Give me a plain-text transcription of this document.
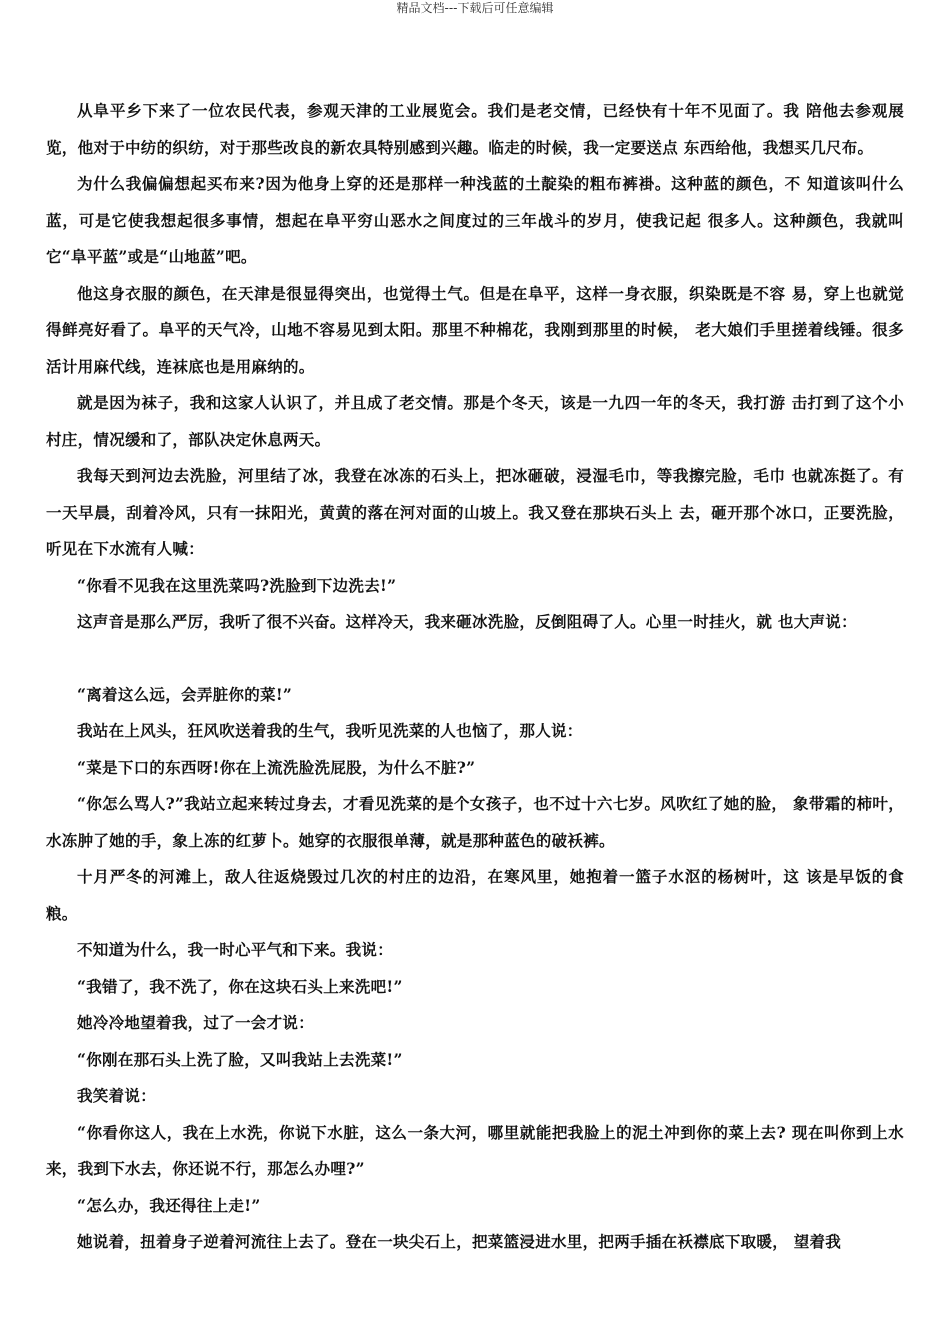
精品文档---下载后可任意编辑

从阜平乡下来了一位农民代表，参观天津的工业展览会。我们是老交情，已经快有十年不见面了。我 陪他去参观展览，他对于中纺的织纺，对于那些改良的新农具特别感到兴趣。临走的时候，我一定要送点 东西给他，我想买几尺布。

为什么我偏偏想起买布来?因为他身上穿的还是那样一种浅蓝的土靛染的粗布裤褂。这种蓝的颜色，不 知道该叫什么蓝，可是它使我想起很多事情，想起在阜平穷山恶水之间度过的三年战斗的岁月，使我记起 很多人。这种颜色，我就叫它“阜平蓝”或是“山地蓝”吧。

他这身衣服的颜色，在天津是很显得突出，也觉得土气。但是在阜平，这样一身衣服，织染既是不容 易，穿上也就觉得鲜亮好看了。阜平的天气冷，山地不容易见到太阳。那里不种棉花，我刚到那里的时候， 老大娘们手里搓着线锤。很多活计用麻代线，连袜底也是用麻纳的。

就是因为袜子，我和这家人认识了，并且成了老交情。那是个冬天，该是一九四一年的冬天，我打游 击打到了这个小村庄，情况缓和了，部队决定休息两天。

我每天到河边去洗脸，河里结了冰，我登在冰冻的石头上，把冰砸破，浸湿毛巾，等我擦完脸，毛巾 也就冻挺了。有一天早晨，刮着冷风，只有一抹阳光，黄黄的落在河对面的山坡上。我又登在那块石头上 去，砸开那个冰口，正要洗脸，听见在下水流有人喊：

“你看不见我在这里洗菜吗?洗脸到下边洗去!”

这声音是那么严厉，我听了很不兴奋。这样冷天，我来砸冰洗脸，反倒阻碍了人。心里一时挂火，就 也大声说：

“离着这么远，会弄脏你的菜!”

我站在上风头，狂风吹送着我的生气，我听见洗菜的人也恼了，那人说：

“菜是下口的东西呀!你在上流洗脸洗屁股，为什么不脏?”

“你怎么骂人?”我站立起来转过身去，才看见洗菜的是个女孩子，也不过十六七岁。风吹红了她的脸， 象带霜的柿叶，水冻肿了她的手，象上冻的红萝卜。她穿的衣服很单薄，就是那种蓝色的破袄裤。

十月严冬的河滩上，敌人往返烧毁过几次的村庄的边沿，在寒风里，她抱着一篮子水沤的杨树叶，这 该是早饭的食粮。

不知道为什么，我一时心平气和下来。我说：

“我错了，我不洗了，你在这块石头上来洗吧!”

她冷冷地望着我，过了一会才说：

“你刚在那石头上洗了脸，又叫我站上去洗菜!”

我笑着说：

“你看你这人，我在上水洗，你说下水脏，这么一条大河，哪里就能把我脸上的泥土冲到你的菜上去? 现在叫你到上水来，我到下水去，你还说不行，那怎么办哩?”

“怎么办，我还得往上走!”

她说着，扭着身子逆着河流往上去了。登在一块尖石上，把菜篮浸进水里，把两手插在袄襟底下取暖， 望着我
